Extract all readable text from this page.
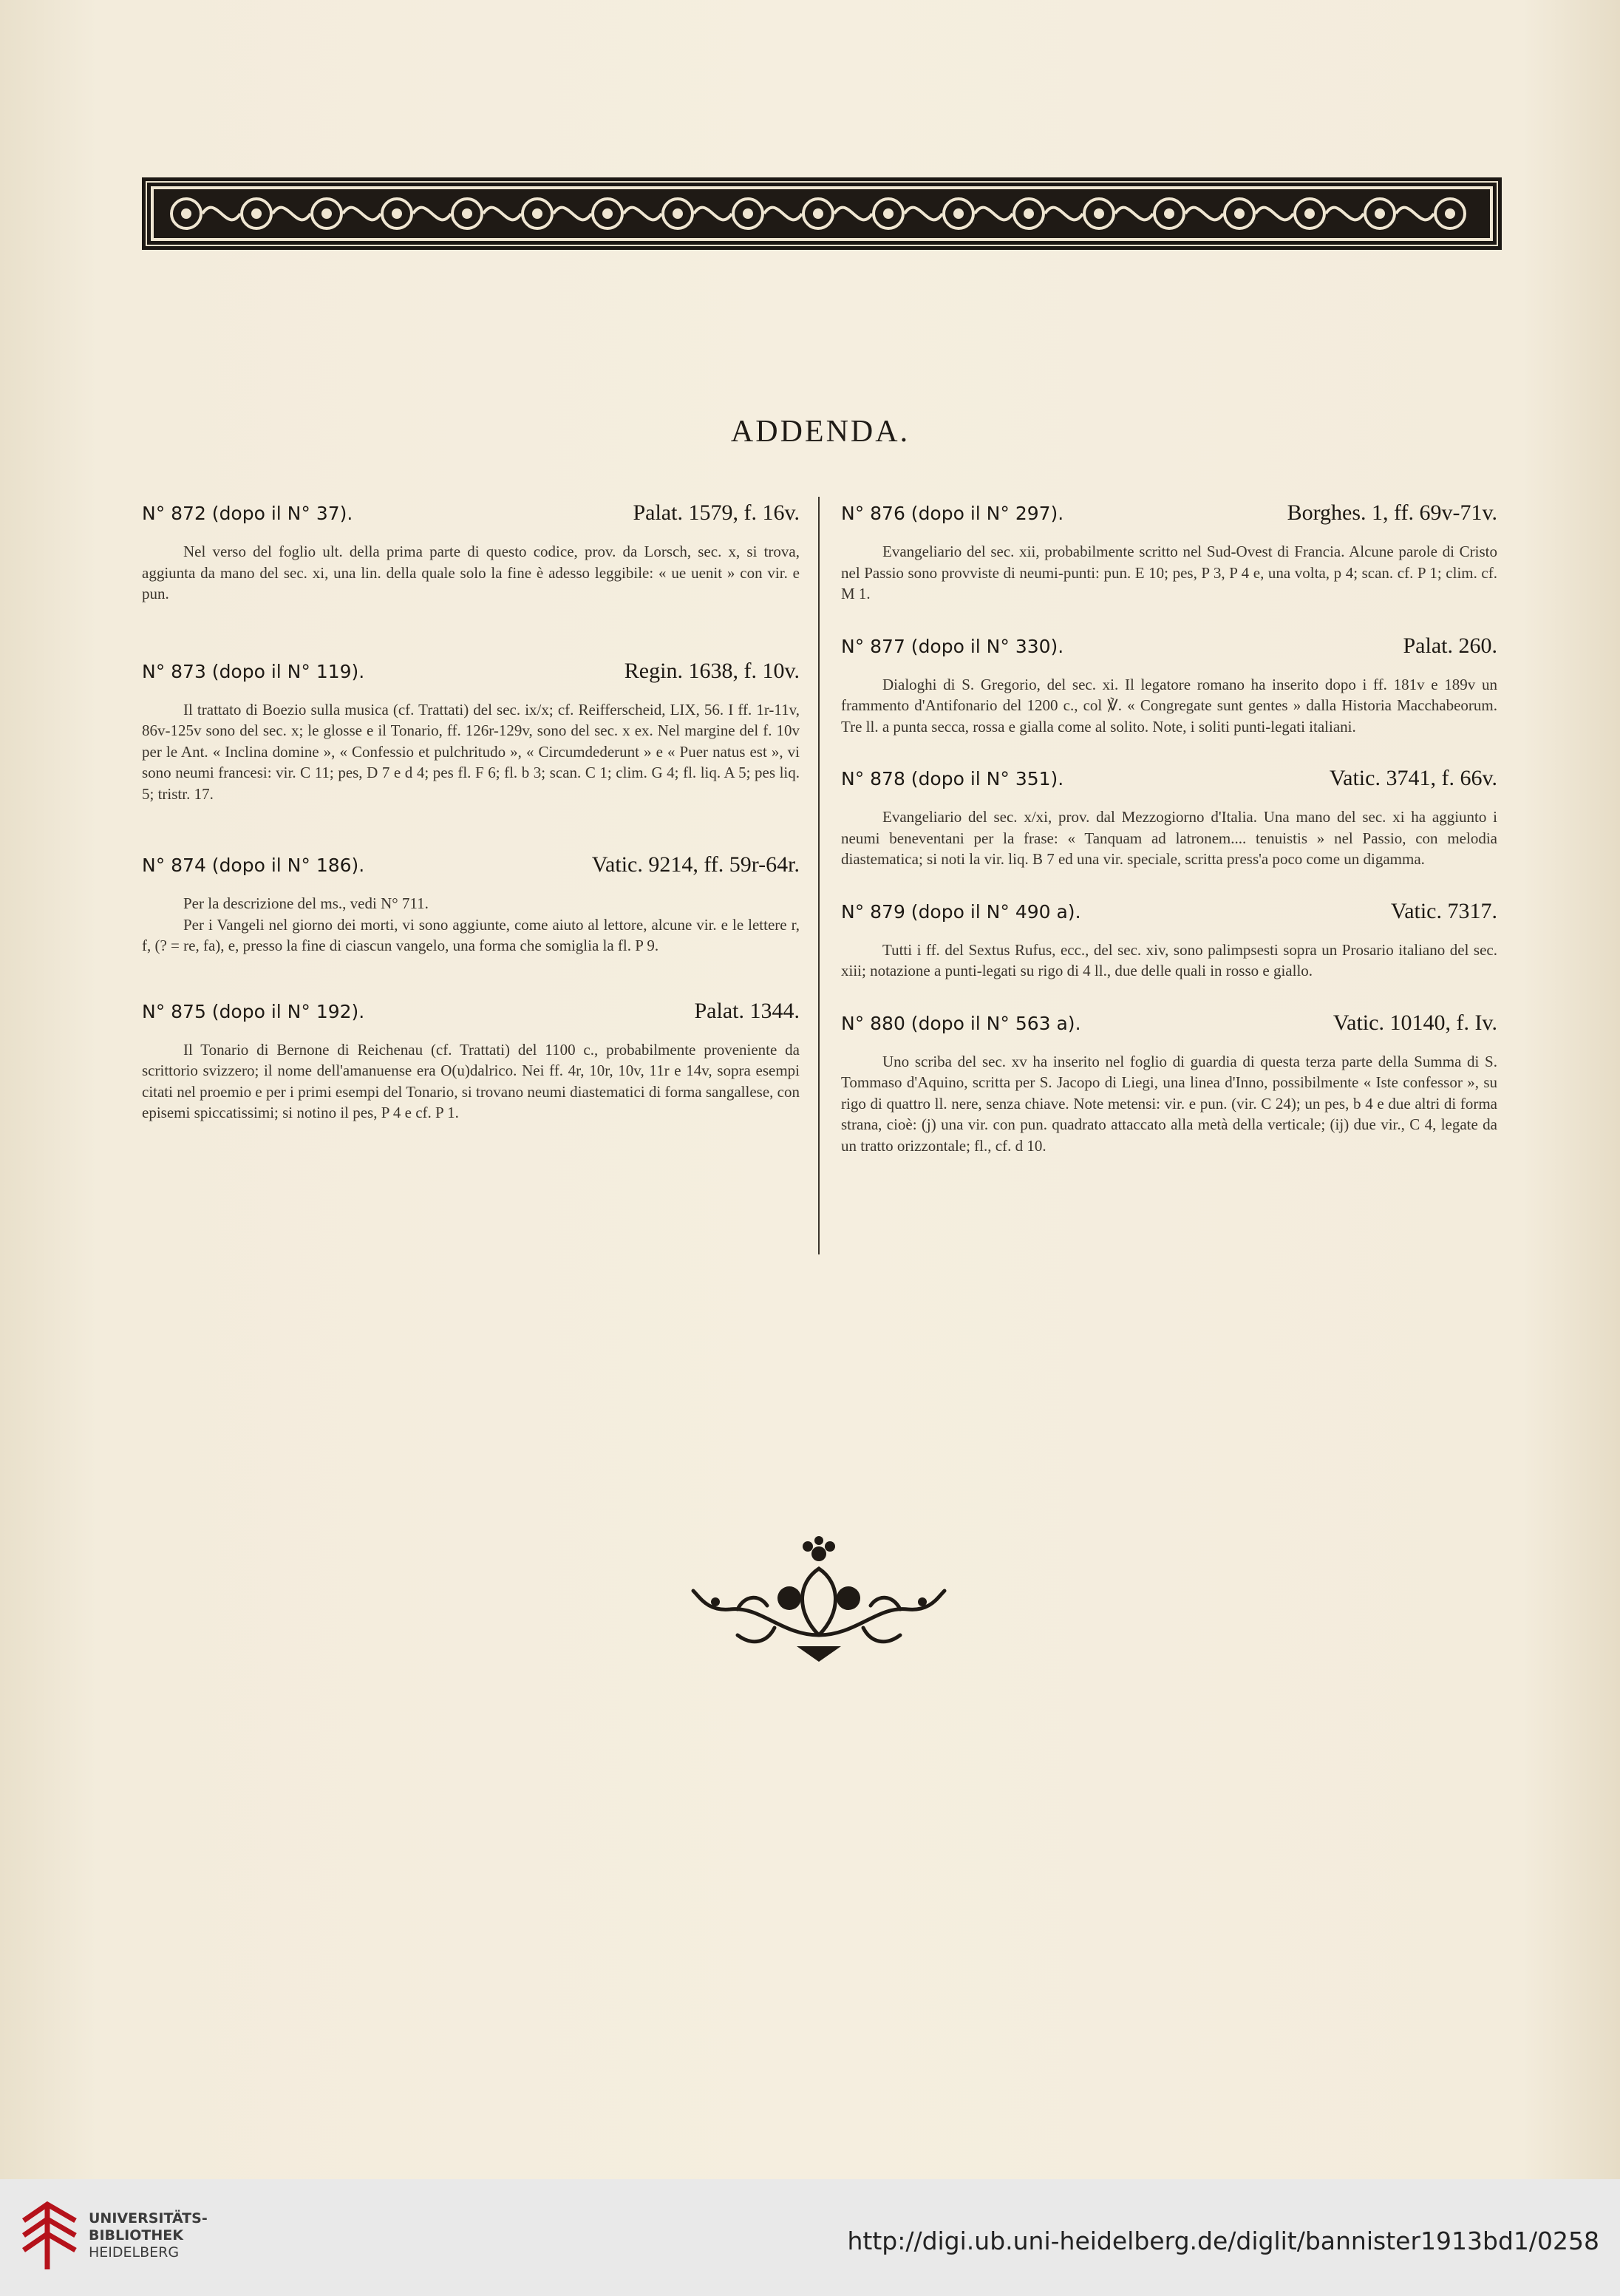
ADDENDA.
N° 872 (dopo il N° 37).	Palat. 1579, f. 16v.

Nel verso del foglio ult. della prima parte di questo codice, prov. da Lorsch, sec. x, si trova, aggiunta da mano del sec. xi, una lin. della quale solo la fine è adesso leggibile: « ue uenit » con vir. e pun.

N° 873 (dopo il N° 119).	Regin. 1638, f. 10v.

Il trattato di Boezio sulla musica (cf. Trattati) del sec. ix/x; cf. Reifferscheid, LIX, 56. I ff. 1r-11v, 86v-125v sono del sec. x; le glosse e il Tonario, ff. 126r-129v, sono del sec. x ex. Nel margine del f. 10v per le Ant. « Inclina domine », « Confessio et pulchritudo », « Circumdederunt » e « Puer natus est », vi sono neumi francesi: vir. C 11; pes, D 7 e d 4; pes fl. F 6; fl. b 3; scan. C 1; clim. G 4; fl. liq. A 5; pes liq. 5; tristr. 17.

N° 874 (dopo il N° 186).	Vatic. 9214, ff. 59r-64r.

Per la descrizione del ms., vedi N° 711.

Per i Vangeli nel giorno dei morti, vi sono aggiunte, come aiuto al lettore, alcune vir. e le lettere r, f, (? = re, fa), e, presso la fine di ciascun vangelo, una forma che somiglia la fl. P 9.

N° 875 (dopo il N° 192).	Palat. 1344.

Il Tonario di Bernone di Reichenau (cf. Trattati) del 1100 c., probabilmente proveniente da scrittorio svizzero; il nome dell'amanuense era O(u)dalrico. Nei ff. 4r, 10r, 10v, 11r e 14v, sopra esempi citati nel proemio e per i primi esempi del Tonario, si trovano neumi diastematici di forma sangallese, con episemi spiccatissimi; si notino il pes, P 4 e cf. P 1.

N° 876 (dopo il N° 297).	Borghes. 1, ff. 69v-71v.

Evangeliario del sec. xii, probabilmente scritto nel Sud-Ovest di Francia. Alcune parole di Cristo nel Passio sono provviste di neumi-punti: pun. E 10; pes, P 3, P 4 e, una volta, p 4; scan. cf. P 1; clim. cf. M 1.

N° 877 (dopo il N° 330).	Palat. 260.

Dialoghi di S. Gregorio, del sec. xi. Il legatore romano ha inserito dopo i ff. 181v e 189v un frammento d'Antifonario del 1200 c., col ℣. « Congregate sunt gentes » dalla Historia Macchabeorum. Tre ll. a punta secca, rossa e gialla come al solito. Note, i soliti punti-legati italiani.

N° 878 (dopo il N° 351).	Vatic. 3741, f. 66v.

Evangeliario del sec. x/xi, prov. dal Mezzogiorno d'Italia. Una mano del sec. xi ha aggiunto i neumi beneventani per la frase: « Tanquam ad latronem.... tenuistis » nel Passio, con melodia diastematica; si noti la vir. liq. B 7 ed una vir. speciale, scritta press'a poco come un digamma.

N° 879 (dopo il N° 490 a).	Vatic. 7317.

Tutti i ff. del Sextus Rufus, ecc., del sec. xiv, sono palimpsesti sopra un Prosario italiano del sec. xiii; notazione a punti-legati su rigo di 4 ll., due delle quali in rosso e giallo.

N° 880 (dopo il N° 563 a).	Vatic. 10140, f. Iv.

Uno scriba del sec. xv ha inserito nel foglio di guardia di questa terza parte della Summa di S. Tommaso d'Aquino, scritta per S. Jacopo di Liegi, una linea d'Inno, possibilmente « Iste confessor », su rigo di quattro ll. nere, senza chiave. Note metensi: vir. e pun. (vir. C 24); un pes, b 4 e due altri di forma strana, cioè: (j) una vir. con pun. quadrato attaccato alla metà della verticale; (ij) due vir., C 4, legate da un tratto orizzontale; fl., cf. d 10.

UNIVERSITÄTS-
BIBLIOTHEK
HEIDELBERG	http://digi.ub.uni-heidelberg.de/diglit/bannister1913bd1/0258
